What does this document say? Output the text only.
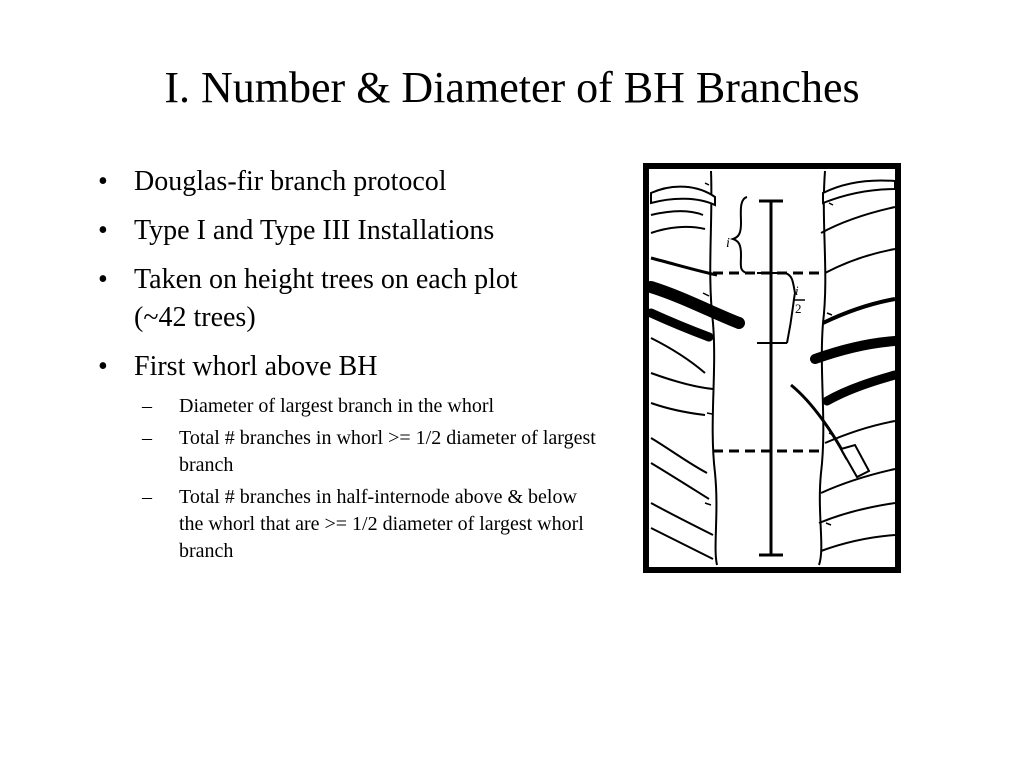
I. Number & Diameter of BH Branches
• Douglas-fir branch protocol
• Type I and Type III Installations
• Taken on height trees on each plot (~42 trees)
• First whorl above BH
– Diameter of largest branch in the whorl
– Total # branches in whorl >= 1/2 diameter of largest branch
– Total # branches in half-internode above & below the whorl that are >= 1/2 diameter of largest whorl branch
i
i
2
